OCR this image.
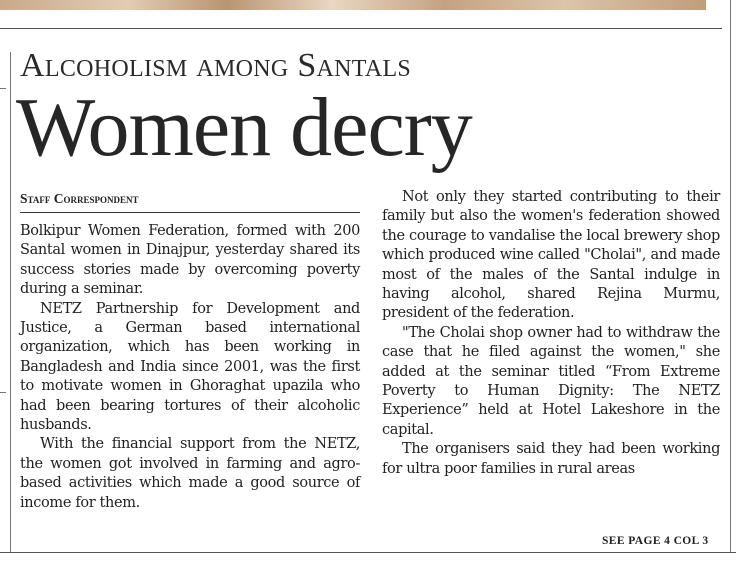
Alcoholism among Santals
Women decry
Staff Correspondent

Bolkipur Women Federation, formed with 200 Santal women in Dinajpur, yesterday shared its success stories made by overcoming poverty during a seminar.

NETZ Partnership for Development and Justice, a German based international organization, which has been working in Bangladesh and India since 2001, was the first to motivate women in Ghoraghat upazila who had been bearing tortures of their alcoholic husbands.

With the financial support from the NETZ, the women got involved in farming and agro-based activities which made a good source of income for them.

Not only they started contributing to their family but also the women's federation showed the courage to vandalise the local brewery shop which produced wine called "Cholai", and made most of the males of the Santal indulge in having alcohol, shared Rejina Murmu, president of the federation.

"The Cholai shop owner had to withdraw the case that he filed against the women," she added at the seminar titled “From Extreme Poverty to Human Dignity: The NETZ Experience” held at Hotel Lakeshore in the capital.

The organisers said they had been working for ultra poor families in rural areas

SEE PAGE 4 COL 3
